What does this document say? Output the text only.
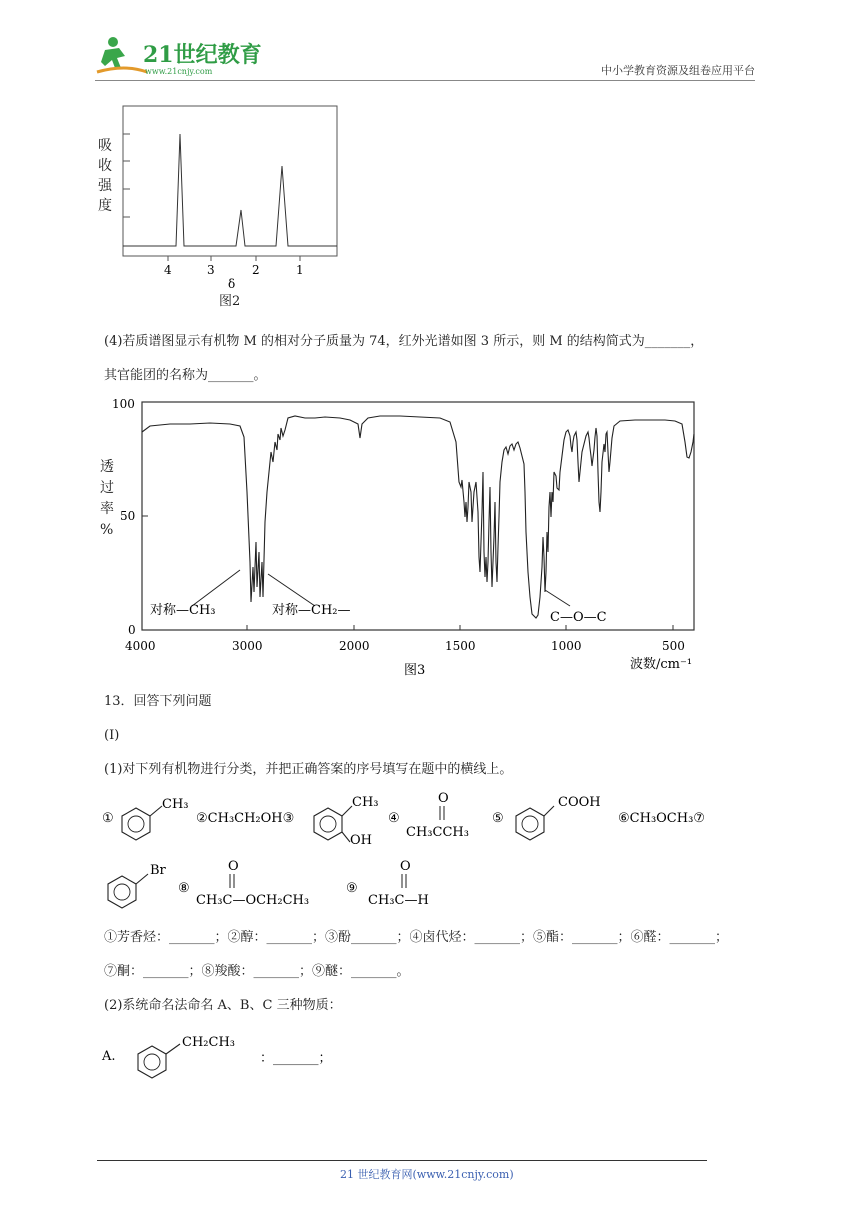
21世纪教育
www.21cnjy.com	中小学教育资源及组卷应用平台
吸
收
强
度
4	3	2	1
δ
图2
(4)若质谱图显示有机物 M 的相对分子质量为 74，红外光谱如图 3 所示，则 M 的结构简式为_______，
其官能团的名称为_______。
透
过
率
%
100
50
0
对称—CH₃	对称—CH₂—	C—O—C
4000	3000	2000	1500	1000	500
波数/cm⁻¹
图3
13．回答下列问题
(I)
(1)对下列有机物进行分类，并把正确答案的序号填写在题中的横线上。
①
CH₃
②CH₃CH₂OH③
CH₃
OH
④
O
CH₃CCH₃
⑤
COOH
⑥CH₃OCH₃⑦
Br
⑧
O
CH₃C—OCH₂CH₃
⑨
O
CH₃C—H
①芳香烃：_______；②醇：_______；③酚_______；④卤代烃：_______；⑤酯：_______；⑥醛：_______；
⑦酮：_______；⑧羧酸：_______；⑨醚：_______。
(2)系统命名法命名 A、B、C 三种物质：
A.
CH₂CH₃
：_______；
21 世纪教育网(www.21cnjy.com)
